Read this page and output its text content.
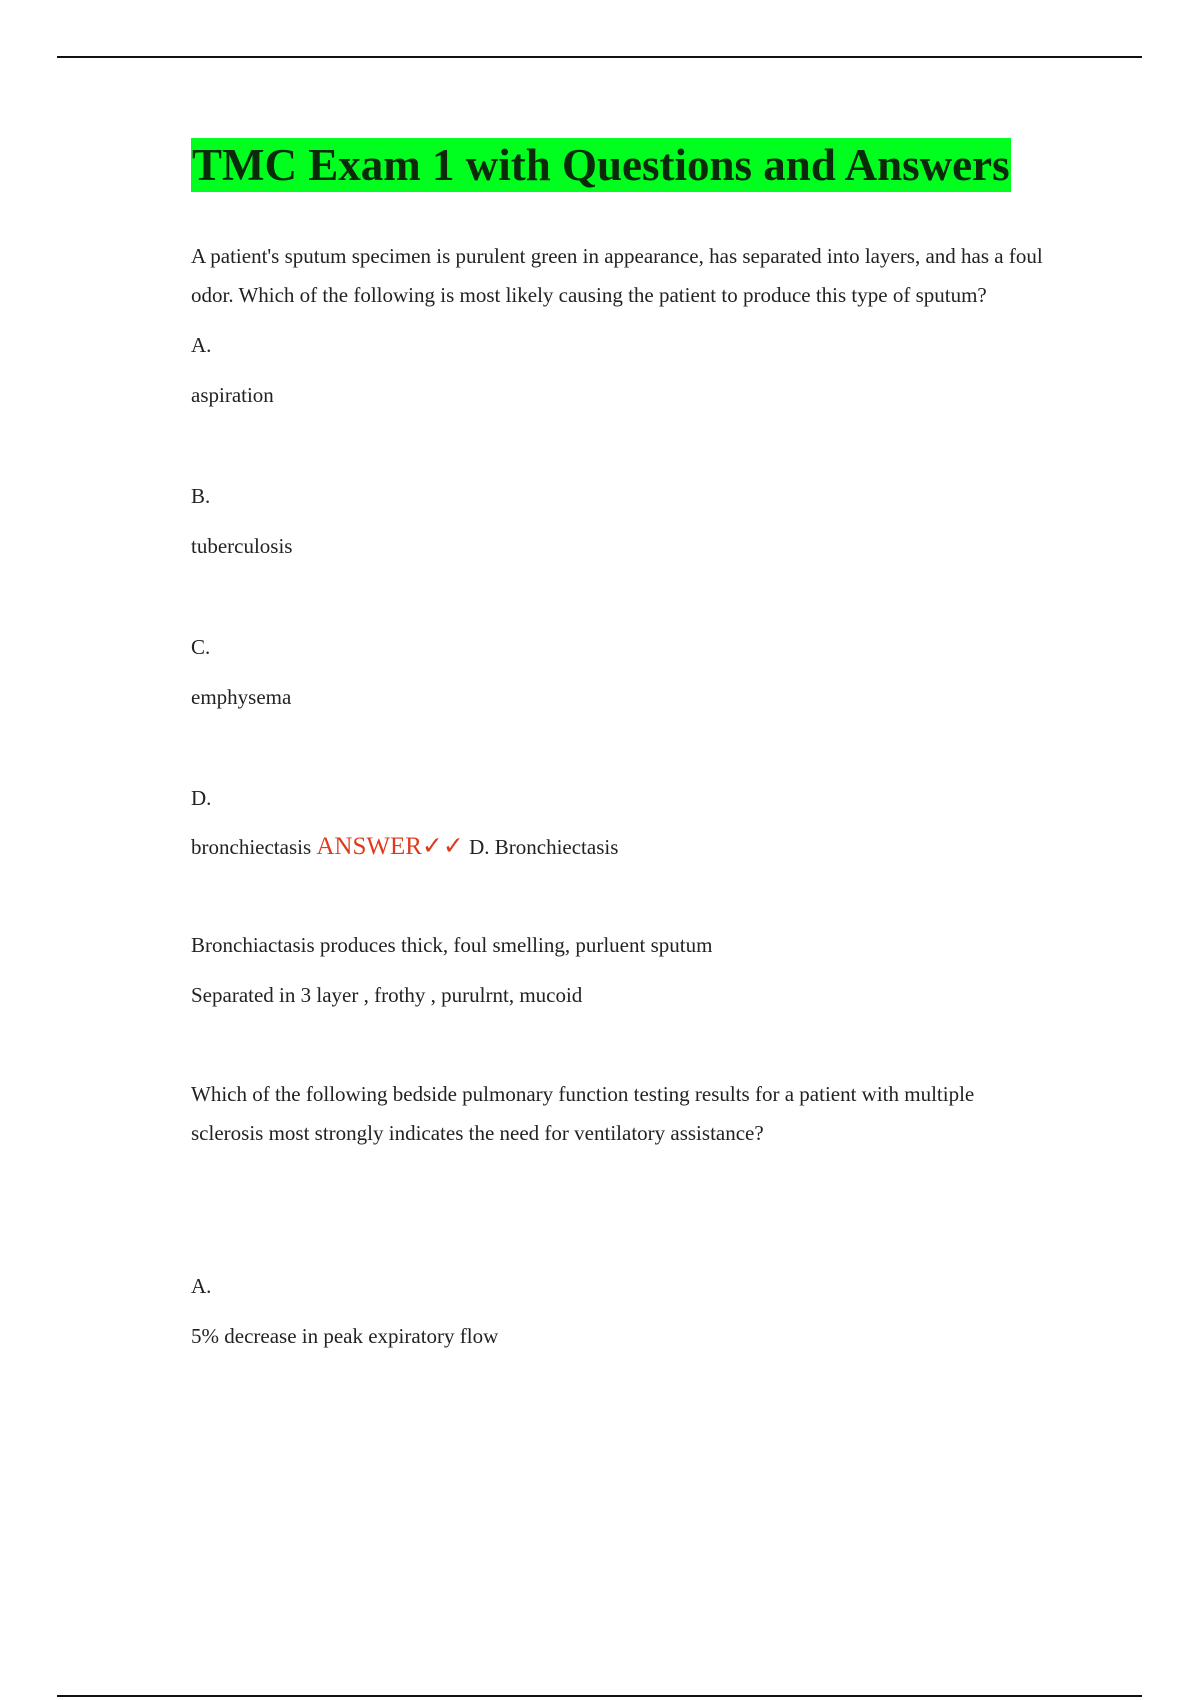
TMC Exam 1 with Questions and Answers

A patient's sputum specimen is purulent green in appearance, has separated into layers, and has a foul odor. Which of the following is most likely causing the patient to produce this type of sputum?

A.

aspiration

B.

tuberculosis

C.

emphysema

D.

bronchiectasis ANSWER✓✓ D. Bronchiectasis

Bronchiactasis produces thick, foul smelling, purluent sputum

Separated in 3 layer , frothy , purulrnt, mucoid

Which of the following bedside pulmonary function testing results for a patient with multiple sclerosis most strongly indicates the need for ventilatory assistance?

A.

5% decrease in peak expiratory flow
